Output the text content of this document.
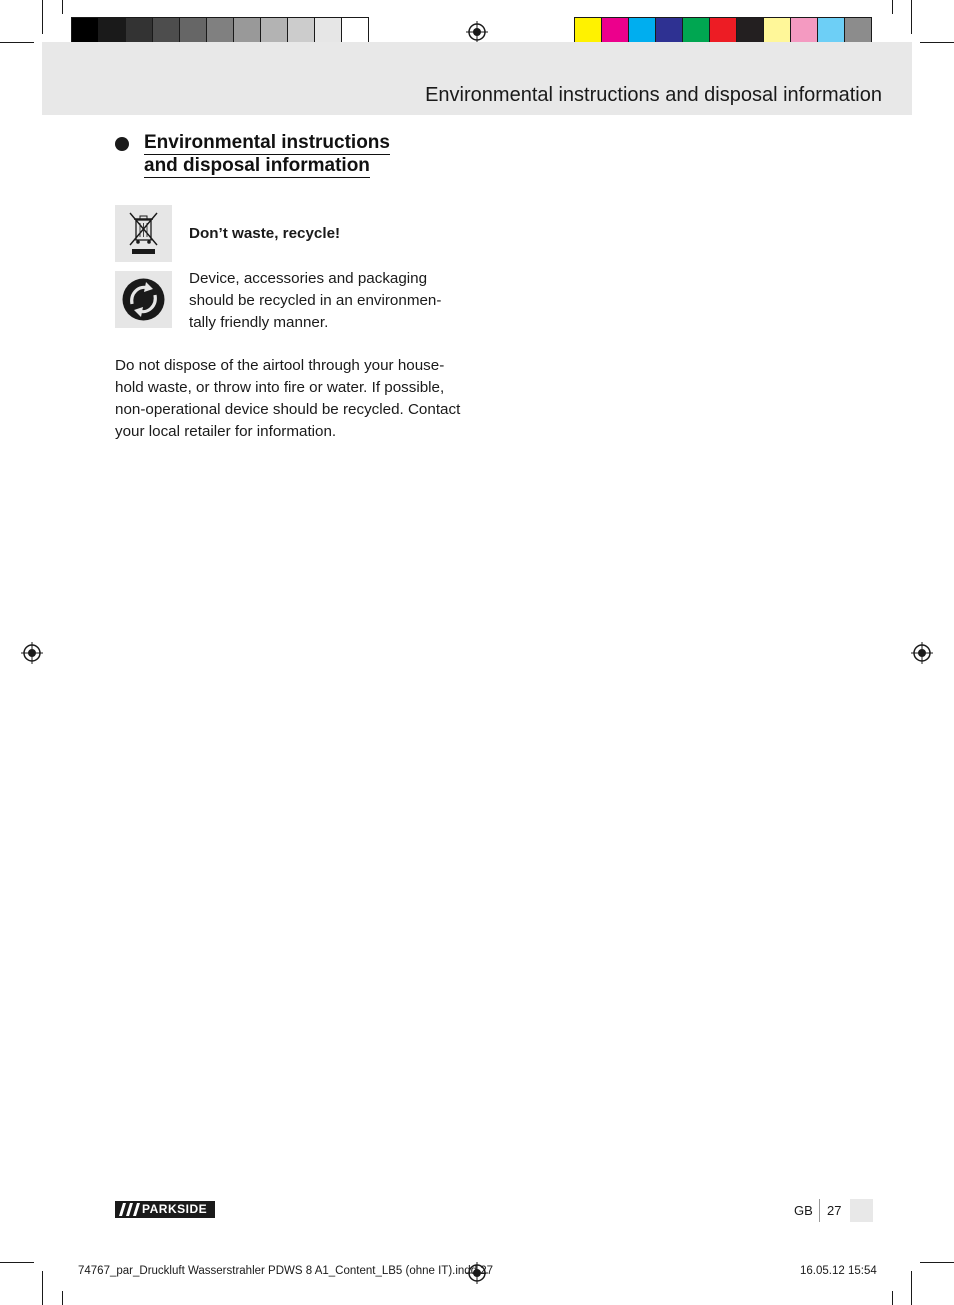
Environmental instructions and disposal information
Environmental instructions
and disposal information
Don’t waste, recycle!
Device, accessories and packaging
should be recycled in an environmen-
tally friendly manner.
Do not dispose of the airtool through your house-
hold waste, or throw into fire or water. If possible,
non-operational device should be recycled. Contact
your local retailer for information.
PARKSIDE	GB 27
74767_par_Druckluft Wasserstrahler PDWS 8 A1_Content_LB5 (ohne IT).indd 27	16.05.12 15:54
